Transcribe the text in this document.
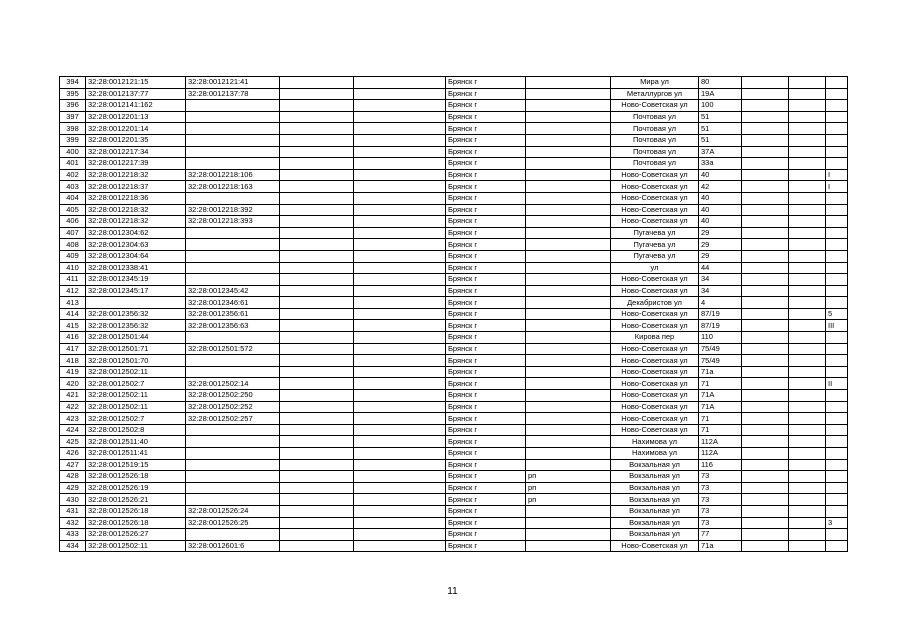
394	32:28:0012121:15	32:28:0012121:41			Брянск г		Мира ул	80			
395	32:28:0012137:77	32:28:0012137:78			Брянск г		Металлургов ул	19А			
396	32:28:0012141:162				Брянск г		Ново-Советская ул	100			
397	32:28:0012201:13				Брянск г		Почтовая ул	51			
398	32:28:0012201:14				Брянск г		Почтовая ул	51			
399	32:28:0012201:35				Брянск г		Почтовая ул	51			
400	32:28:0012217:34				Брянск г		Почтовая ул	37А			
401	32:28:0012217:39				Брянск г		Почтовая ул	33а			
402	32:28:0012218:32	32:28:0012218:106			Брянск г		Ново-Советская ул	40			I
403	32:28:0012218:37	32:28:0012218:163			Брянск г		Ново-Советская ул	42			I
404	32:28:0012218:36				Брянск г		Ново-Советская ул	40			
405	32:28:0012218:32	32:28:0012218:392			Брянск г		Ново-Советская ул	40			
406	32:28:0012218:32	32:28:0012218:393			Брянск г		Ново-Советская ул	40			
407	32:28:0012304:62				Брянск г		Пугачева ул	29			
408	32:28:0012304:63				Брянск г		Пугачева ул	29			
409	32:28:0012304:64				Брянск г		Пугачева ул	29			
410	32:28:0012338:41				Брянск г		ул	44			
411	32:28:0012345:19				Брянск г		Ново-Советская ул	34			
412	32:28:0012345:17	32:28:0012345:42			Брянск г		Ново-Советская ул	34			
413		32:28:0012346:61			Брянск г		Декабристов ул	4			
414	32:28:0012356:32	32:28:0012356:61			Брянск г		Ново-Советская ул	87/19			5
415	32:28:0012356:32	32:28:0012356:63			Брянск г		Ново-Советская ул	87/19			III
416	32:28:0012501:44				Брянск г		Кирова пер	110			
417	32:28:0012501:71	32:28:0012501:572			Брянск г		Ново-Советская ул	75/49			
418	32:28:0012501:70				Брянск г		Ново-Советская ул	75/49			
419	32:28:0012502:11				Брянск г		Ново-Советская ул	71а			
420	32:28:0012502:7	32:28:0012502:14			Брянск г		Ново-Советская ул	71			II
421	32:28:0012502:11	32:28:0012502:250			Брянск г		Ново-Советская ул	71А			
422	32:28:0012502:11	32:28:0012502:252			Брянск г		Ново-Советская ул	71А			
423	32:28:0012502:7	32:28:0012502:257			Брянск г		Ново-Советская ул	71			
424	32:28:0012502:8				Брянск г		Ново-Советская ул	71			
425	32:28:0012511:40				Брянск г		Нахимова ул	112А			
426	32:28:0012511:41				Брянск г		Нахимова ул	112А			
427	32:28:0012519:15				Брянск г		Вокзальная ул	116			
428	32:28:0012526:18				Брянск г	рп	Вокзальная ул	73			
429	32:28:0012526:19				Брянск г	рп	Вокзальная ул	73			
430	32:28:0012526:21				Брянск г	рп	Вокзальная ул	73			
431	32:28:0012526:18	32:28:0012526:24			Брянск г		Вокзальная ул	73			
432	32:28:0012526:18	32:28:0012526:25			Брянск г		Вокзальная ул	73			3
433	32:28:0012526:27				Брянск г		Вокзальная ул	77			
434	32:28:0012502:11	32:28:0012601:6			Брянск г		Ново-Советская ул	71а			
11
